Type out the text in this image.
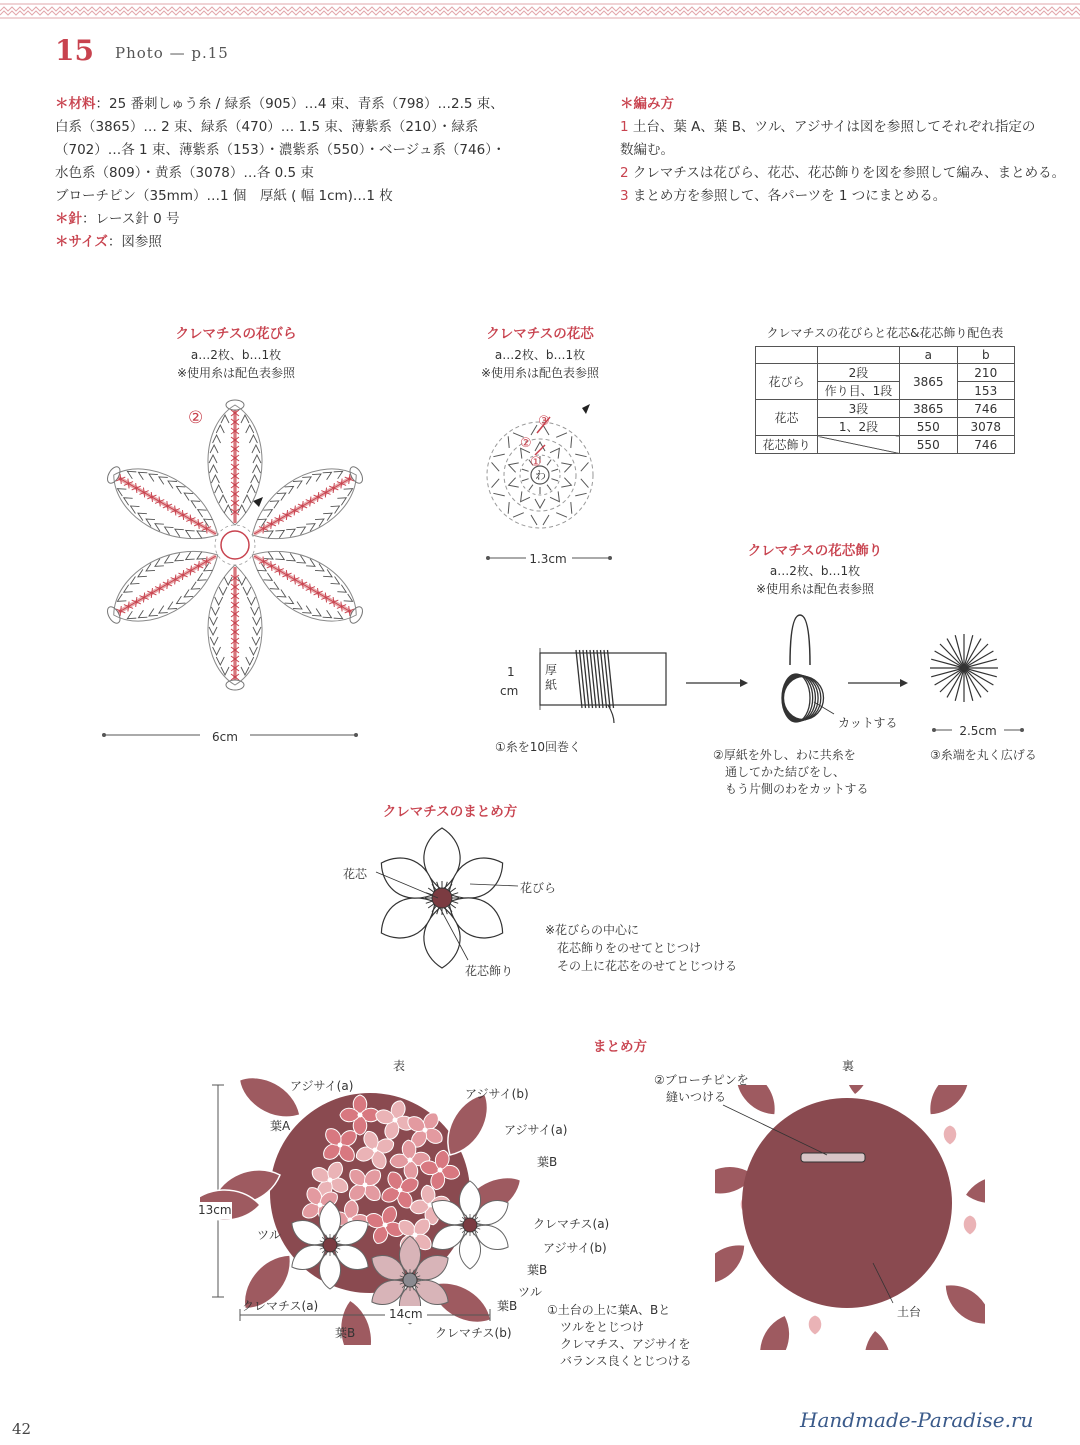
15 Photo — p.15
＊材料：25 番刺しゅう糸 / 緑系（905）…4 束、青系（798）…2.5 束、
白系（3865）… 2 束、緑系（470）… 1.5 束、薄紫系（210）・緑系
（702）…各 1 束、薄紫系（153）・濃紫系（550）・ベージュ系（746）・
水色系（809）・黄系（3078）…各 0.5 束
ブローチピン（35mm）…1 個　厚紙 ( 幅 1cm)…1 枚
＊針：レース針 0 号
＊サイズ：図参照
＊編み方
1 土台、葉 A、葉 B、ツル、アジサイは図を参照してそれぞれ指定の
数編む。
2 クレマチスは花びら、花芯、花芯飾りを図を参照して編み、まとめる。
3 まとめ方を参照して、各パーツを 1 つにまとめる。
クレマチスの花びら
a…2枚、b…1枚
※使用糸は配色表参照
②
6cm
クレマチスの花芯
a…2枚、b…1枚
※使用糸は配色表参照
③
②
①
わ
1.3cm
クレマチスの花びらと花芯&花芯飾り配色表
		a	b
花びら	2段	3865	210
	作り目、1段		153
花芯	3段	3865	746
	1、2段	550	3078
花芯飾り		550	746
クレマチスの花芯飾り
a…2枚、b…1枚
※使用糸は配色表参照
厚紙
1
cm
カットする
2.5cm
①糸を10回巻く
②厚紙を外し、わに共糸を
通してかた結びをし、
もう片側のわをカットする
③糸端を丸く広げる
クレマチスのまとめ方
花芯
花びら
花芯飾り
※花びらの中心に
花芯飾りをのせてとじつけ
その上に花芯をのせてとじつける
まとめ方
表	裏
13cm
14cm
アジサイ(a)
アジサイ(b)
アジサイ(a)
葉A
葉B
ツル
クレマチス(a)
アジサイ(b)
葉B
ツル
クレマチス(a)	葉B
葉B	クレマチス(b)
①土台の上に葉A、Bと
ツルをとじつけ
クレマチス、アジサイを
バランス良くとじつける
②ブローチピンを
縫いつける
土台
42	Handmade-Paradise.ru
